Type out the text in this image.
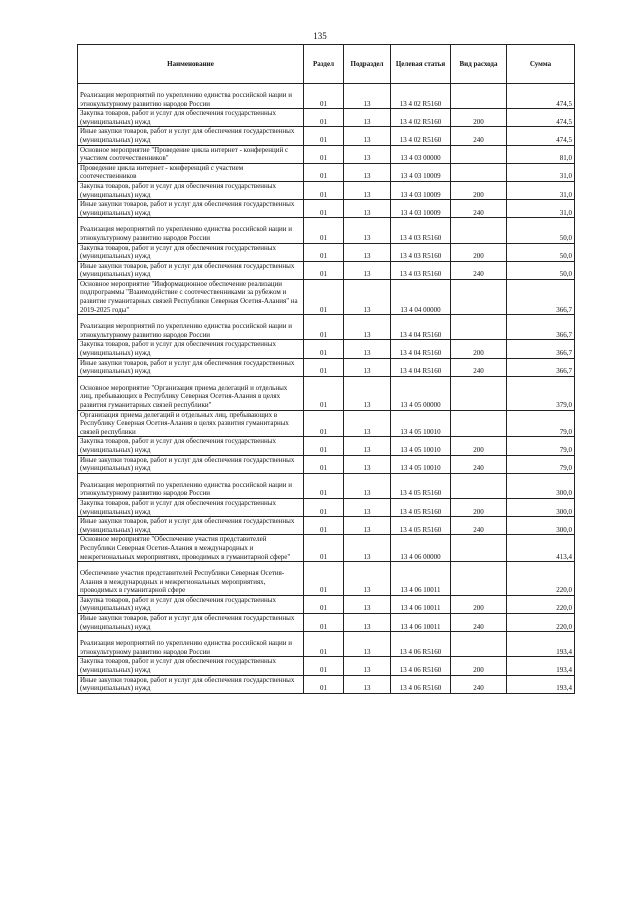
135
Наименование	Раздел	Подраздел	Целевая статья	Вид расхода	Сумма
Реализация мероприятий по укреплению единства российской нации и этнокультурному развитию народов России	01	13	13 4 02 R5160		474,5
Закупка товаров, работ и услуг для обеспечения государственных (муниципальных) нужд	01	13	13 4 02 R5160	200	474,5
Иные закупки товаров, работ и услуг для обеспечения государственных (муниципальных) нужд	01	13	13 4 02 R5160	240	474,5
Основное мероприятие "Проведение цикла интернет - конференций с участием соотечественников"	01	13	13 4 03 00000		81,0
Проведение цикла интернет - конференций с участием соотечественников	01	13	13 4 03 10009		31,0
Закупка товаров, работ и услуг для обеспечения государственных (муниципальных) нужд	01	13	13 4 03 10009	200	31,0
Иные закупки товаров, работ и услуг для обеспечения государственных (муниципальных) нужд	01	13	13 4 03 10009	240	31,0
Реализация мероприятий по укреплению единства российской нации и этнокультурному развитию народов России	01	13	13 4 03 R5160		50,0
Закупка товаров, работ и услуг для обеспечения государственных (муниципальных) нужд	01	13	13 4 03 R5160	200	50,0
Иные закупки товаров, работ и услуг для обеспечения государственных (муниципальных) нужд	01	13	13 4 03 R5160	240	50,0
Основное мероприятие "Информационное обеспечение реализации подпрограммы "Взаимодействие с соотечественниками за рубежом и развитие гуманитарных связей Республики Северная Осетия-Алания" на 2019-2025 годы"	01	13	13 4 04 00000		366,7
Реализация мероприятий по укреплению единства российской нации и этнокультурному развитию народов России	01	13	13 4 04 R5160		366,7
Закупка товаров, работ и услуг для обеспечения государственных (муниципальных) нужд	01	13	13 4 04 R5160	200	366,7
Иные закупки товаров, работ и услуг для обеспечения государственных (муниципальных) нужд	01	13	13 4 04 R5160	240	366,7
Основное мероприятие "Организация приема делегаций и отдельных лиц, пребывающих в Республику Северная Осетия-Алания в целях развития гуманитарных связей республики"	01	13	13 4 05 00000		379,0
Организация приема делегаций и отдельных лиц, пребывающих в Республику Северная Осетия-Алания в целях развития гуманитарных связей республики	01	13	13 4 05 10010		79,0
Закупка товаров, работ и услуг для обеспечения государственных (муниципальных) нужд	01	13	13 4 05 10010	200	79,0
Иные закупки товаров, работ и услуг для обеспечения государственных (муниципальных) нужд	01	13	13 4 05 10010	240	79,0
Реализация мероприятий по укреплению единства российской нации и этнокультурному развитию народов России	01	13	13 4 05 R5160		300,0
Закупка товаров, работ и услуг для обеспечения государственных (муниципальных) нужд	01	13	13 4 05 R5160	200	300,0
Иные закупки товаров, работ и услуг для обеспечения государственных (муниципальных) нужд	01	13	13 4 05 R5160	240	300,0
Основное мероприятие "Обеспечение участия представителей Республики Северная Осетия-Алания в международных и межрегиональных мероприятиях, проводимых в гуманитарной сфере"	01	13	13 4 06 00000		413,4
Обеспечение участия представителей Республики Северная Осетия-Алания в международных и межрегиональных мероприятиях, проводимых в гуманитарной сфере	01	13	13 4 06 10011		220,0
Закупка товаров, работ и услуг для обеспечения государственных (муниципальных) нужд	01	13	13 4 06 10011	200	220,0
Иные закупки товаров, работ и услуг для обеспечения государственных (муниципальных) нужд	01	13	13 4 06 10011	240	220,0
Реализация мероприятий по укреплению единства российской нации и этнокультурному развитию народов России	01	13	13 4 06 R5160		193,4
Закупка товаров, работ и услуг для обеспечения государственных (муниципальных) нужд	01	13	13 4 06 R5160	200	193,4
Иные закупки товаров, работ и услуг для обеспечения государственных (муниципальных) нужд	01	13	13 4 06 R5160	240	193,4
